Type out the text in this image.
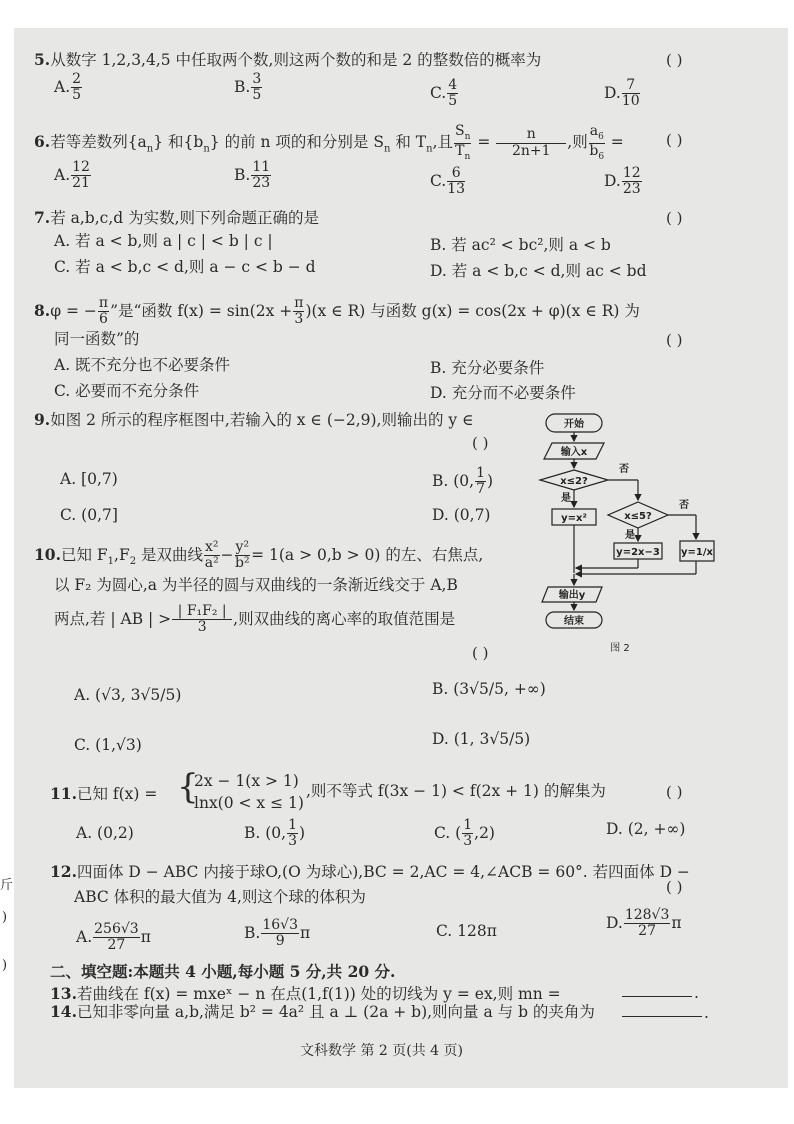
斤
)
)
5.从数字 1,2,3,4,5 中任取两个数,则这两个数的和是 2 的整数倍的概率为	( )
A. $\frac{2}{5}$	B. $\frac{3}{5}$	C. $\frac{4}{5}$	D. $\frac{7}{10}$
6.若等差数列$\{a_n\}$ 和$\{b_n\}$ 的前 n 项的和分别是 $S_n$ 和 $T_n$,且 $\frac{S_n}{T_n} = \frac{n}{2n+1}$ ,则 $\frac{a_6}{b_6}$ =	( )
A. $\frac{12}{21}$	B. $\frac{11}{23}$	C. $\frac{6}{13}$	D. $\frac{12}{23}$
7.若 a,b,c,d 为实数,则下列命题正确的是	( )
A. 若 a < b,则 a | c | < b | c |	B. 若 ac² < bc²,则 a < b
C. 若 a < b,c < d,则 a − c < b − d	D. 若 a < b,c < d,则 ac < bd
8.φ = − $\frac{\pi}{6}$ ”是“函数 $f(x) = \sin(2x + \frac{\pi}{3} )(x$ ∈ R) 与函数 g(x) = cos(2x + φ)(x ∈ R) 为
同一函数”的	( )
A. 既不充分也不必要条件	B. 充分必要条件
C. 必要而不充分条件	D. 充分而不必要条件
9.如图 2 所示的程序框图中,若输入的 x ∈ (−2,9),则输出的 y ∈
( )
A. [0,7)	B. (0, $\frac{1}{7}$ )
C. (0,7]	D. (0,7)
开始
输入x
x≤2?
是
否
y=x²	x≤5?
是
否
y=2x−3 y=1/x
输出y
结束
图 2
10.已知 $F_1,F_2$ 是双曲线 $\frac{\text{x²}}{\text{a²}} - \frac{\text{y²}}{\text{b²}} = 1(a > 0,b > 0)$ 的左、右焦点,
以 F₂ 为圆心,a 为半径的圆与双曲线的一条渐近线交于 A,B
两点,若 | AB | > $\frac{\text{| F₁F₂ |}}{3}$ ,则双曲线的离心率的取值范围是
( )
A. (√3, 3√5/5)	B. (3√5/5, +∞)
C. (1,√3)	D. (1, 3√5/5)
11.已知 f(x) = {
2x − 1(x > 1)
lnx(0 < x ≤ 1)
,则不等式 f(3x − 1) < f(2x + 1) 的解集为	( )
A. (0,2)	B. (0, $\frac{1}{3}$ )	C. ( $\frac{1}{3} ,2$)	D. (2, +∞)
12.四面体 D − ABC 内接于球O,(O 为球心),BC = 2,AC = 4,∠ACB = 60°. 若四面体 D −
( )
ABC 体积的最大值为 4,则这个球的体积为
A. $\frac{256√3}{27}$ π	B. $\frac{16√3}{9}$ π	C. 128π	D. $\frac{128√3}{27}$ π
二、填空题:本题共 4 小题,每小题 5 分,共 20 分.
13.若曲线在 f(x) = mxeˣ − n 在点(1,f(1)) 处的切线为 y = ex,则 mn =	.
14.已知非零向量 a,b,满足 b² = 4a² 且 a ⊥ (2a + b),则向量 a 与 b 的夹角为	.
文科数学 第 2 页(共 4 页)
